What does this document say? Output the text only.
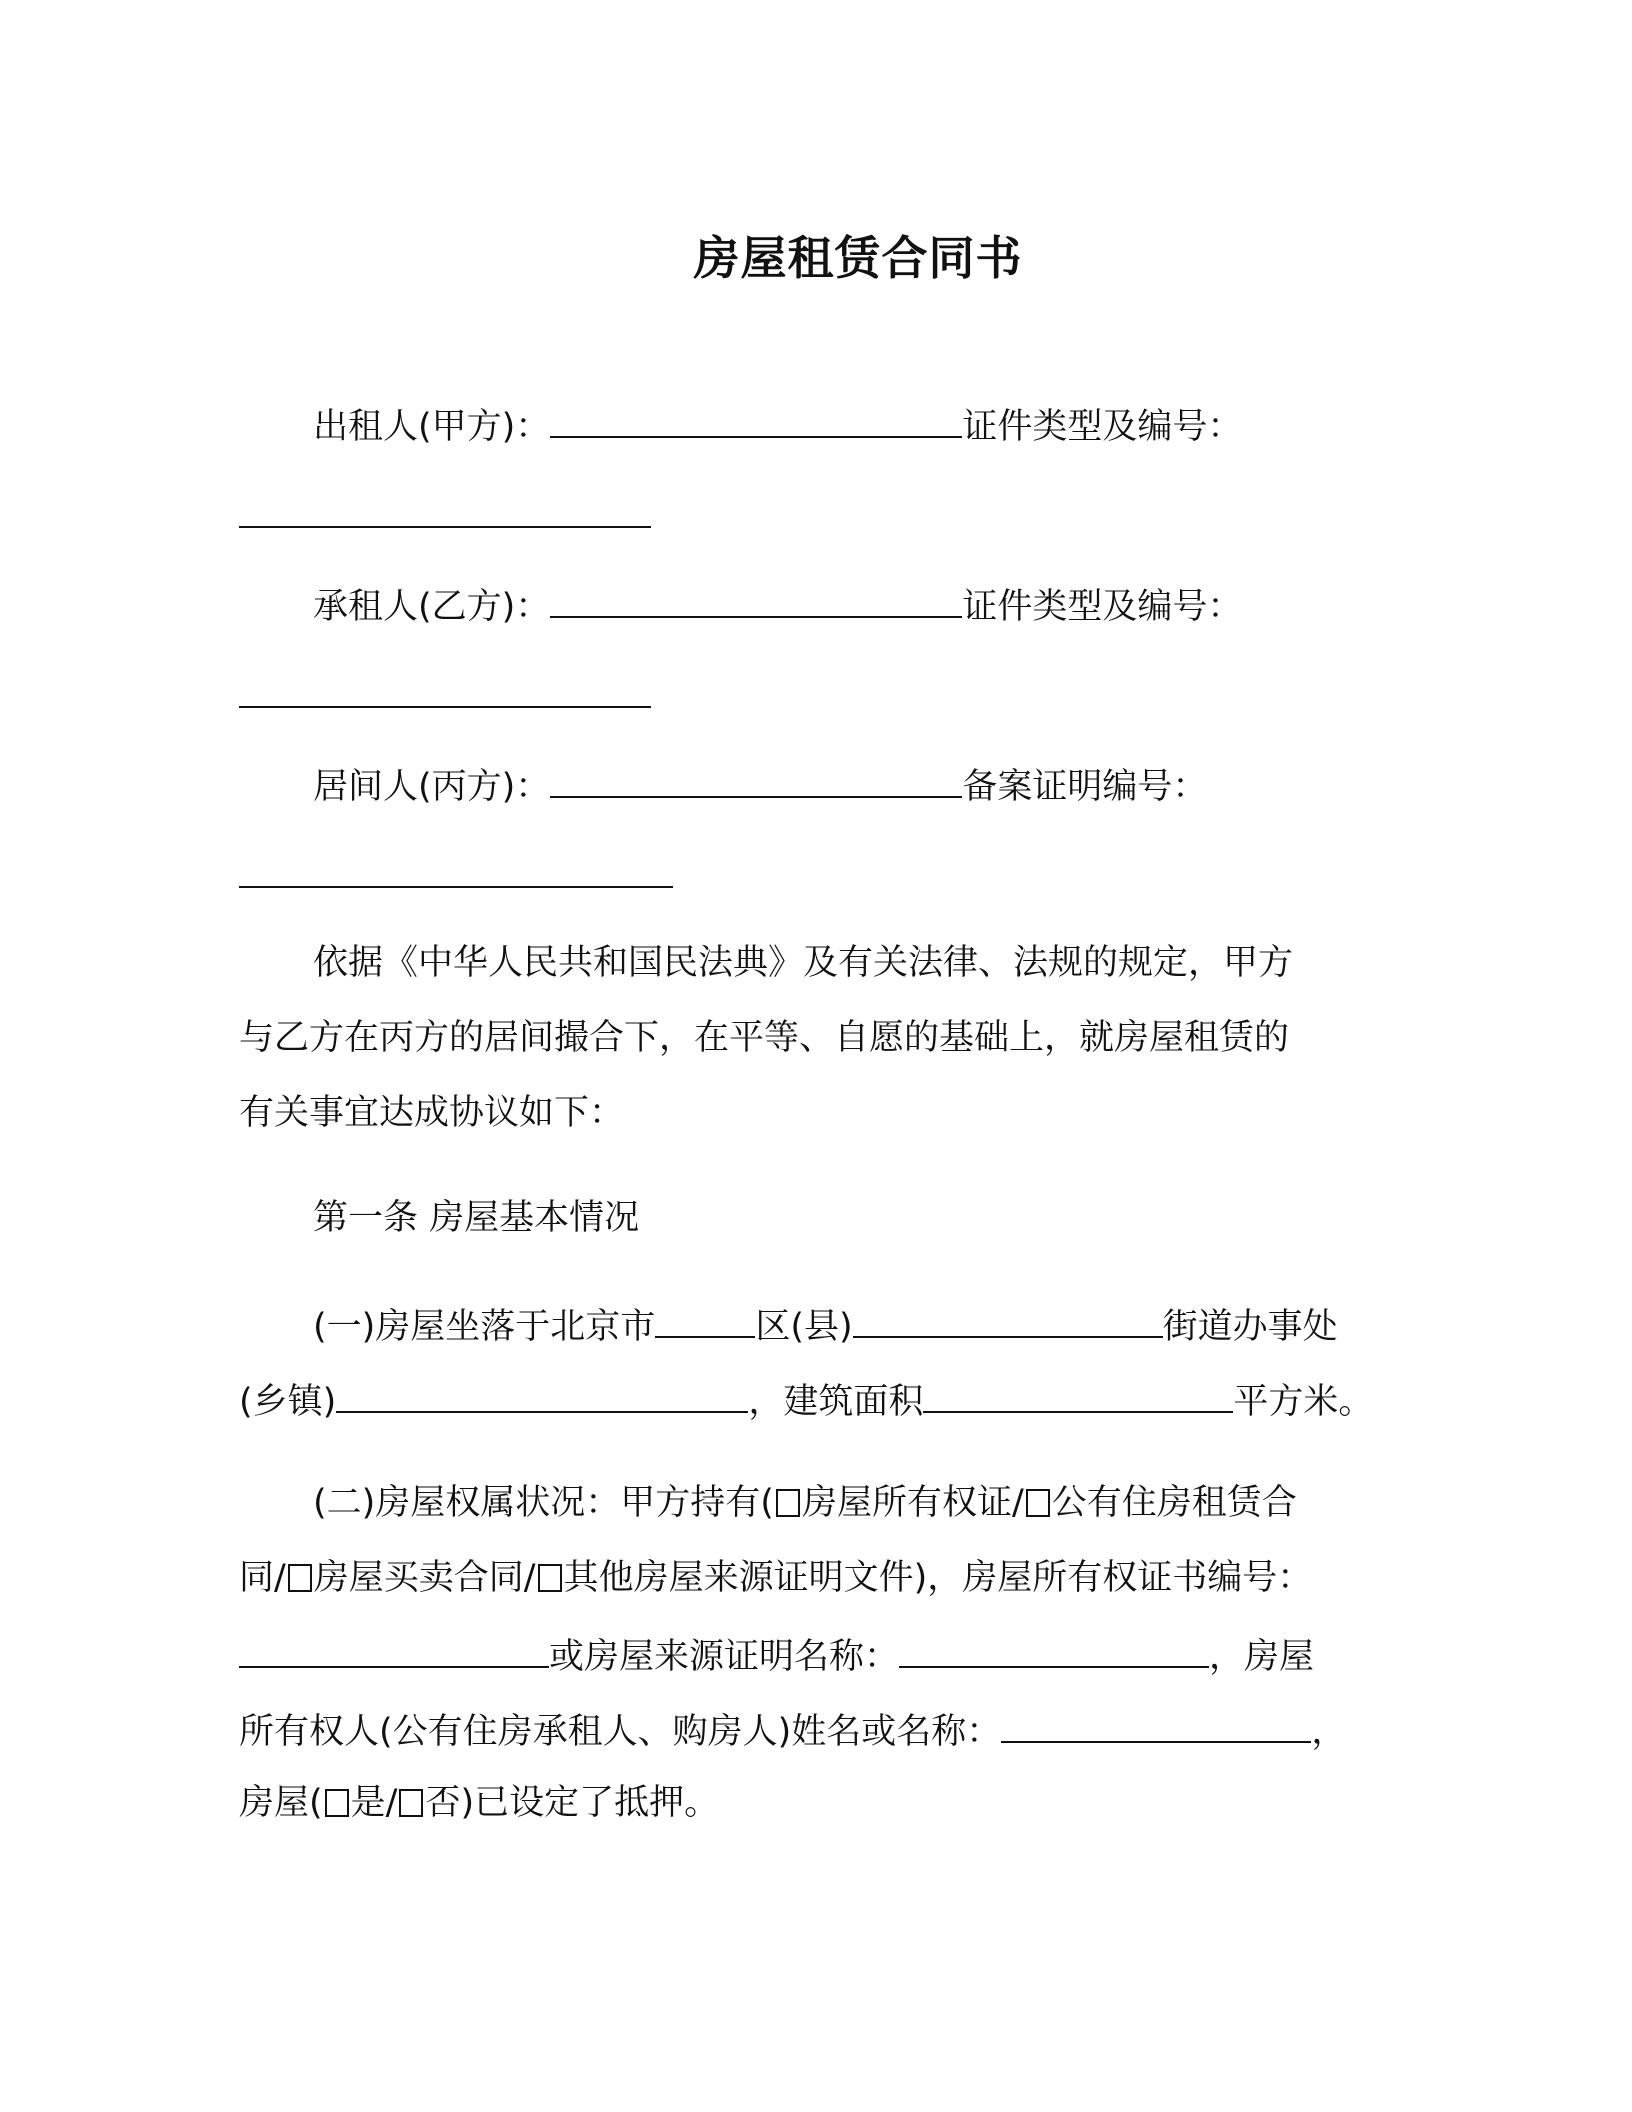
房屋租赁合同书
出租人(甲方)：	证件类型及编号：
承租人(乙方)：	证件类型及编号：
居间人(丙方)：	备案证明编号：
依据《中华人民共和国民法典》及有关法律、法规的规定，甲方
与乙方在丙方的居间撮合下，在平等、自愿的基础上，就房屋租赁的
有关事宜达成协议如下：
第一条 房屋基本情况
(一)房屋坐落于北京市	区(县)	街道办事处
(乡镇)	，建筑面积	平方米。
(二)房屋权属状况：甲方持有( 房屋所有权证/ 公有住房租赁合
同/ 房屋买卖合同/ 其他房屋来源证明文件)，房屋所有权证书编号：
或房屋来源证明名称：	，房屋
所有权人(公有住房承租人、购房人)姓名或名称：	，
房屋( 是/ 否)已设定了抵押。
